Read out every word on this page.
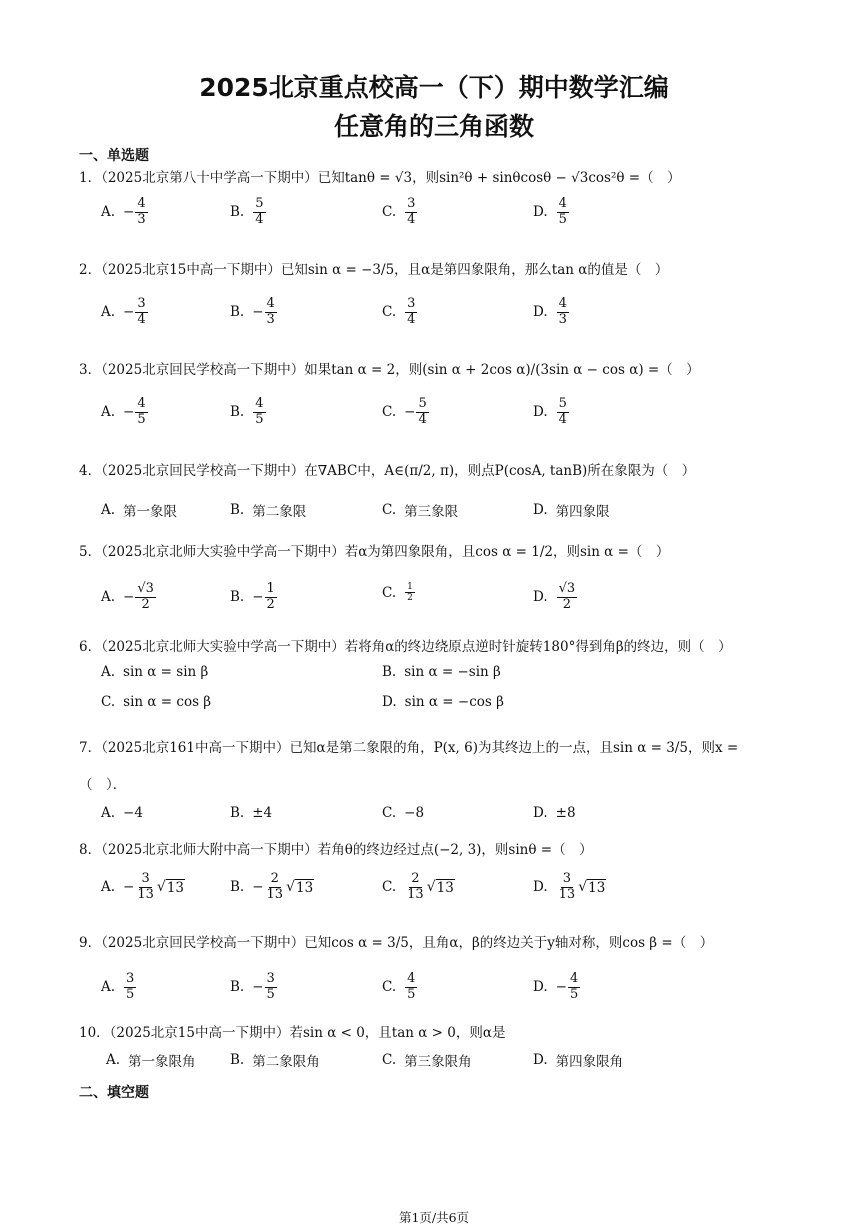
2025北京重点校高一（下）期中数学汇编
任意角的三角函数
一、单选题
1．（2025北京第八十中学高一下期中）已知tanθ = √3，则sin²θ + sinθcosθ − √3cos²θ =（　）
A. − $\frac{4}{3}$	B. $\frac{5}{4}$	C. $\frac{3}{4}$	D. $\frac{4}{5}$
2．（2025北京15中高一下期中）已知sin α = −3/5，且α是第四象限角，那么tan α的值是（　）
A. − $\frac{3}{4}$	B. − $\frac{4}{3}$	C. $\frac{3}{4}$	D. $\frac{4}{3}$
3．（2025北京回民学校高一下期中）如果tan α = 2，则(sin α + 2cos α)/(3sin α − cos α) =（　）
A. − $\frac{4}{5}$	B. $\frac{4}{5}$	C. − $\frac{5}{4}$	D. $\frac{5}{4}$
4．（2025北京回民学校高一下期中）在∇ABC中，A∈(π/2, π)，则点P(cosA, tanB)所在象限为（　）
A. 第一象限	B. 第二象限	C. 第三象限	D. 第四象限
5．（2025北京北师大实验中学高一下期中）若α为第四象限角，且cos α = 1/2，则sin α =（　）
A. − $\frac{√3}{2}$	B. − $\frac{1}{2}$	C. $\frac{1}{2}$	D. $\frac{√3}{2}$
6．（2025北京北师大实验中学高一下期中）若将角α的终边绕原点逆时针旋转180°得到角β的终边，则（　）
A. sin α = sin β	B. sin α = −sin β
C. sin α = cos β	D. sin α = −cos β
7．（2025北京161中高一下期中）已知α是第二象限的角，P(x, 6)为其终边上的一点，且sin α = 3/5，则x =
（　）．
A. −4	B. ±4	C. −8	D. ±8
8．（2025北京北师大附中高一下期中）若角θ的终边经过点(−2, 3)，则sinθ =（　）
A. − $\frac{3}{13}$ √ 13	B. − $\frac{2}{13}$ √ 13	C. $\frac{2}{13}$ √ 13	D. $\frac{3}{13}$ √ 13
9．（2025北京回民学校高一下期中）已知cos α = 3/5，且角α，β的终边关于y轴对称，则cos β =（　）
A. $\frac{3}{5}$	B. − $\frac{3}{5}$	C. $\frac{4}{5}$	D. − $\frac{4}{5}$
10．（2025北京15中高一下期中）若sin α < 0，且tan α > 0，则α是
A. 第一象限角	B. 第二象限角	C. 第三象限角	D. 第四象限角
二、填空题
第1页/共6页
